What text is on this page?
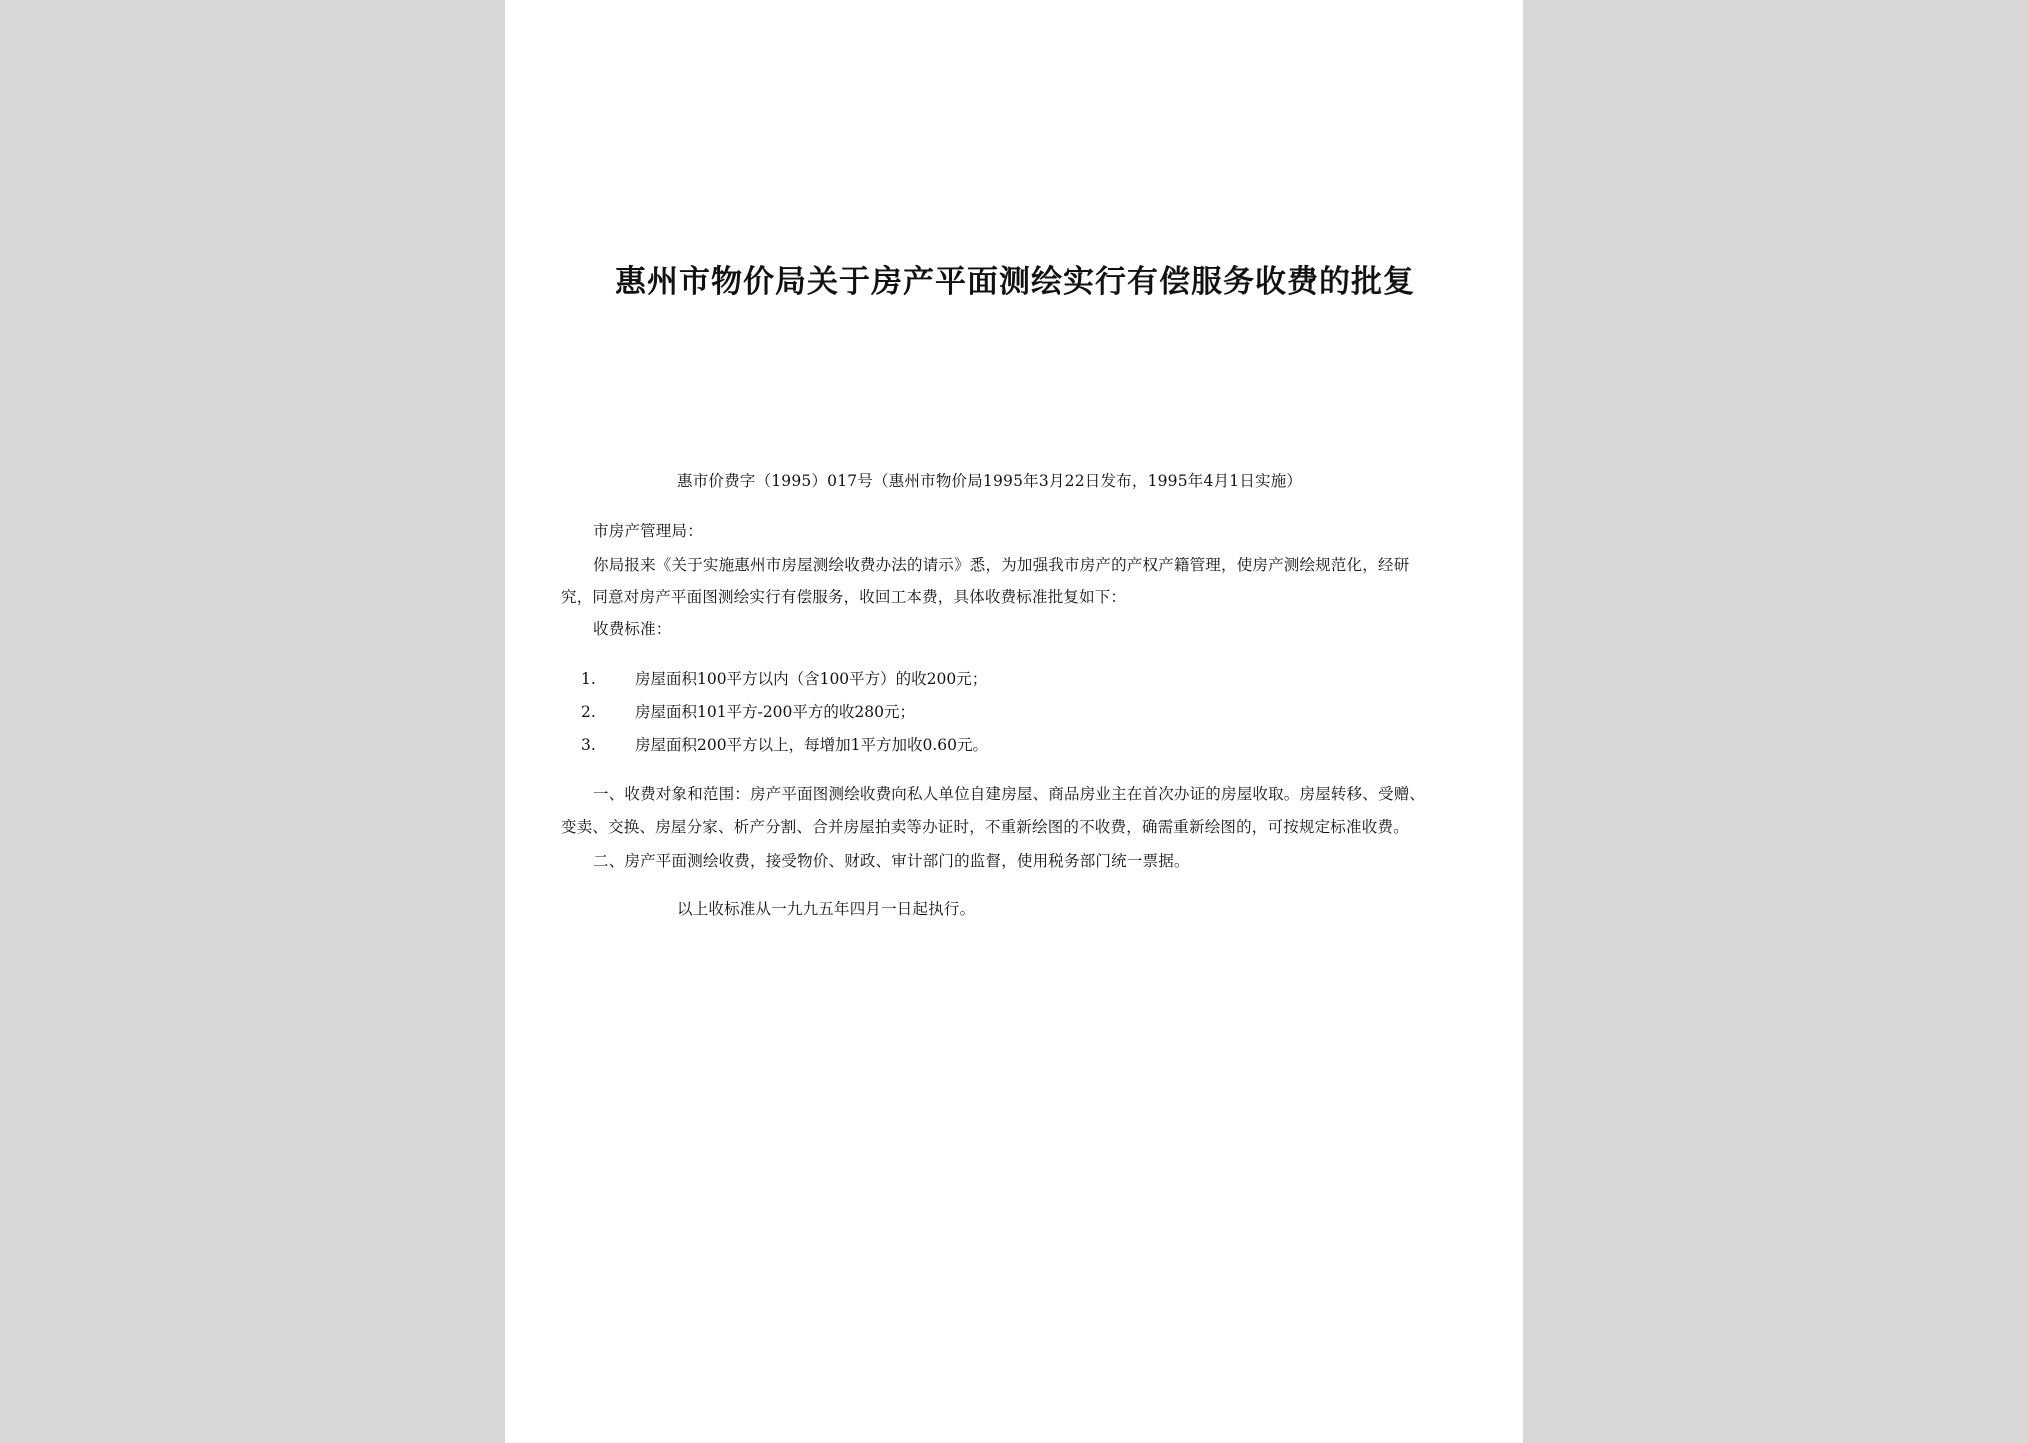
惠州市物价局关于房产平面测绘实行有偿服务收费的批复
惠市价费字（1995）017号（惠州市物价局1995年3月22日发布，1995年4月1日实施）
市房产管理局：
你局报来《关于实施惠州市房屋测绘收费办法的请示》悉，为加强我市房产的产权产籍管理，使房产测绘规范化，经研
究，同意对房产平面图测绘实行有偿服务，收回工本费，具体收费标准批复如下：
收费标准：
1.	房屋面积100平方以内（含100平方）的收200元；
2.	房屋面积101平方-200平方的收280元；
3.	房屋面积200平方以上，每增加1平方加收0.60元。
一、收费对象和范围：房产平面图测绘收费向私人单位自建房屋、商品房业主在首次办证的房屋收取。房屋转移、受赠、
变卖、交换、房屋分家、析产分割、合并房屋拍卖等办证时，不重新绘图的不收费，确需重新绘图的，可按规定标准收费。
二、房产平面测绘收费，接受物价、财政、审计部门的监督，使用税务部门统一票据。
以上收标准从一九九五年四月一日起执行。
